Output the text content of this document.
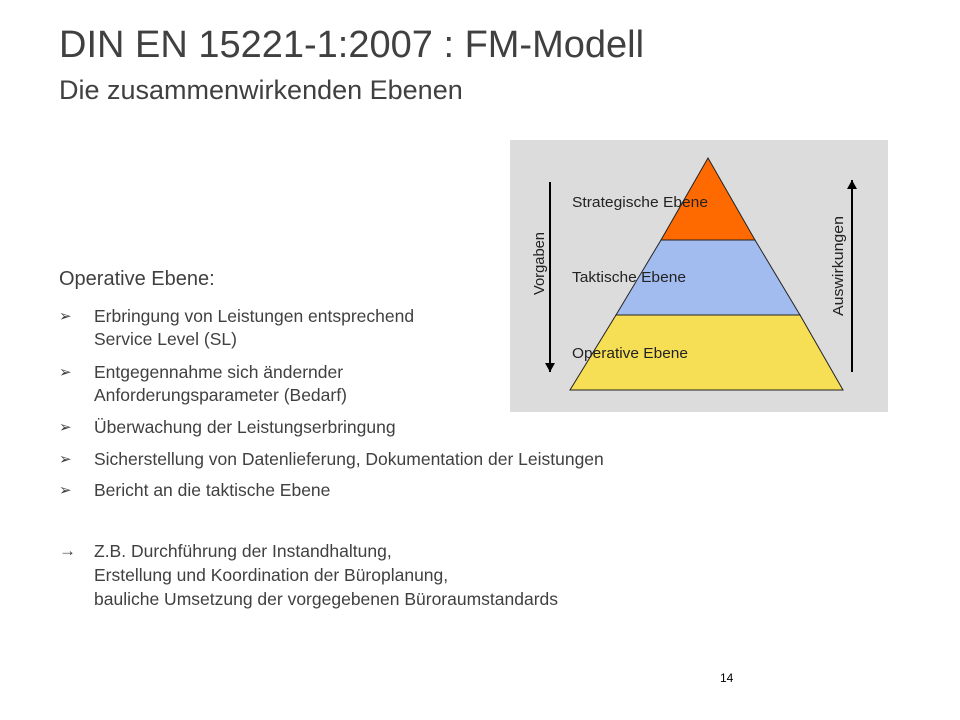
DIN EN 15221-1:2007 : FM-Modell
Die zusammenwirkenden Ebenen
Strategische Ebene
Taktische Ebene
Operative Ebene
Vorgaben	Auswirkungen
Operative Ebene:
➢	Erbringung von Leistungen entsprechend
Service Level (SL)
➢	Entgegennahme sich ändernder
Anforderungsparameter (Bedarf)
➢	Überwachung der Leistungserbringung
➢	Sicherstellung von Datenlieferung, Dokumentation der Leistungen
➢	Bericht an die taktische Ebene
→ Z.B. Durchführung der Instandhaltung,
Erstellung und Koordination der Büroplanung,
bauliche Umsetzung der vorgegebenen Büroraumstandards
14
